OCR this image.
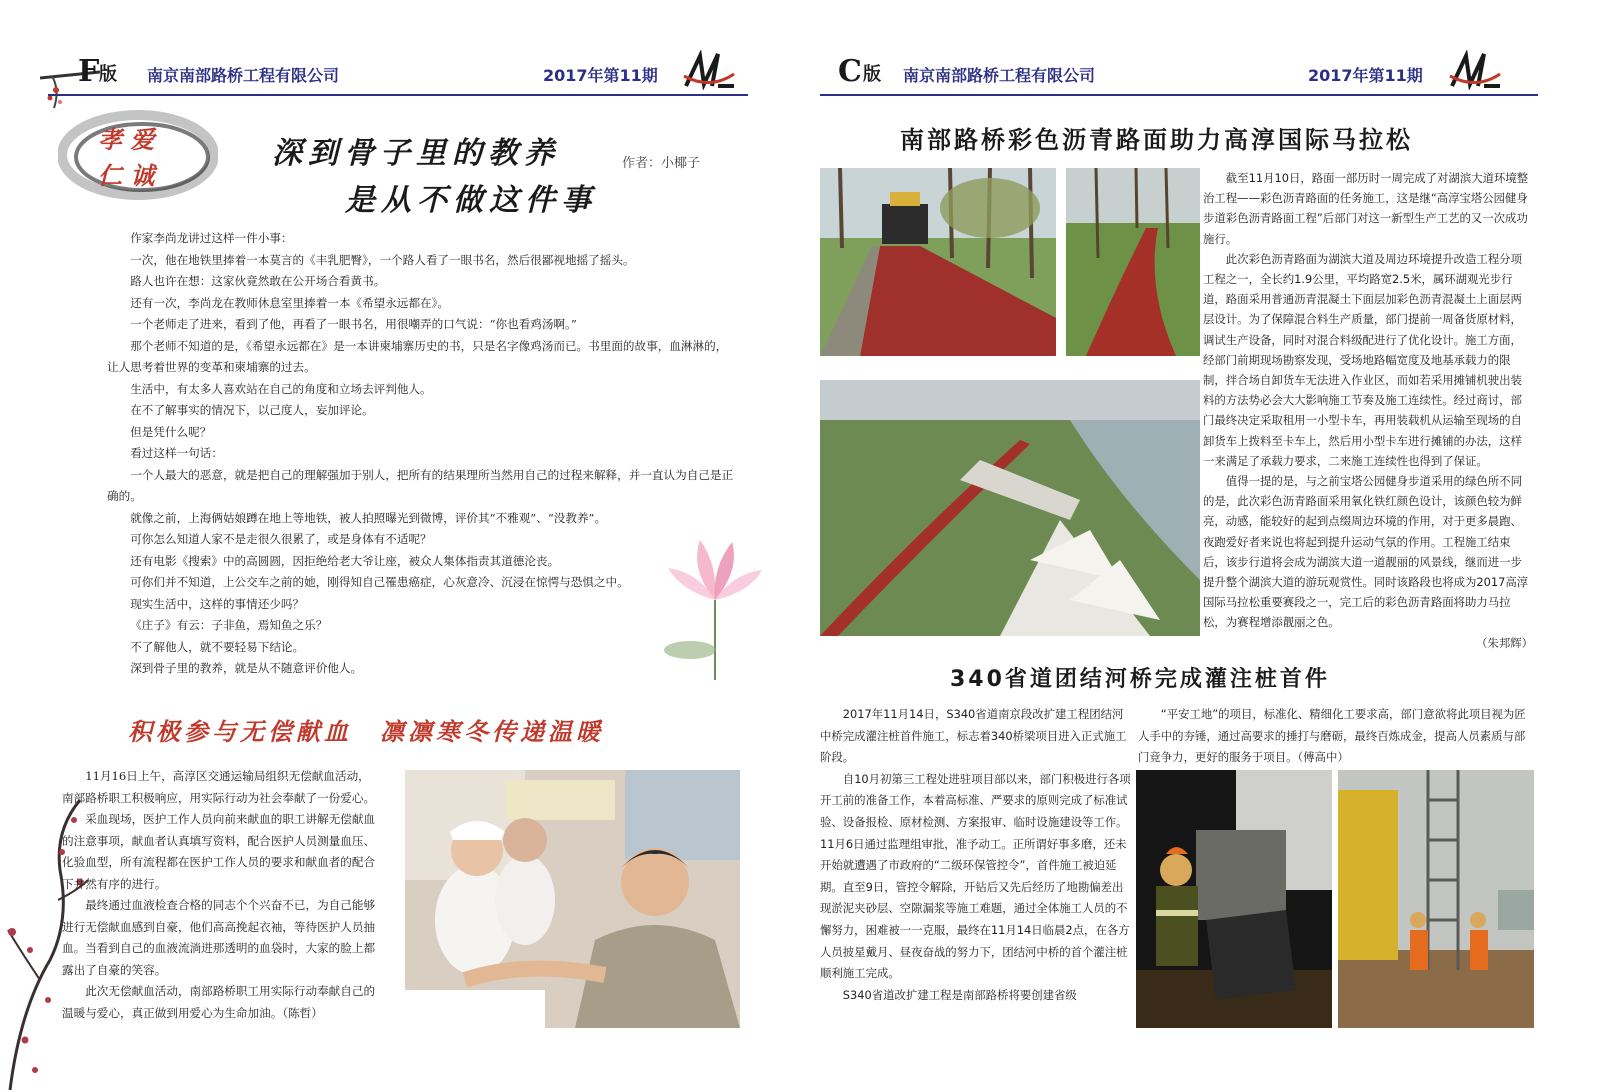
F 版 南京南部路桥工程有限公司	2017年第11期
孝 爱
仁 诚
深到骨子里的教养
是从不做这件事
作者：小椰子

作家李尚龙讲过这样一件小事：

一次，他在地铁里捧着一本莫言的《丰乳肥臀》，一个路人看了一眼书名，然后很鄙视地摇了摇头。

路人也许在想：这家伙竟然敢在公开场合看黄书。

还有一次，李尚龙在教师休息室里捧着一本《希望永远都在》。

一个老师走了进来，看到了他，再看了一眼书名，用很嘲弄的口气说：“你也看鸡汤啊。”

那个老师不知道的是，《希望永远都在》是一本讲柬埔寨历史的书，只是名字像鸡汤而已。书里面的故事，血淋淋的，让人思考着世界的变革和柬埔寨的过去。

生活中，有太多人喜欢站在自己的角度和立场去评判他人。

在不了解事实的情况下，以己度人，妄加评论。

但是凭什么呢？

看过这样一句话：

一个人最大的恶意，就是把自己的理解强加于别人，把所有的结果理所当然用自己的过程来解释，并一直认为自己是正确的。

就像之前，上海俩姑娘蹲在地上等地铁，被人拍照曝光到微博，评价其“不雅观”、“没教养”。

可你怎么知道人家不是走很久很累了，或是身体有不适呢？

还有电影《搜索》中的高圆圆，因拒绝给老大爷让座，被众人集体指责其道德沦丧。

可你们并不知道，上公交车之前的她，刚得知自己罹患癌症，心灰意冷、沉浸在惊愕与恐惧之中。

现实生活中，这样的事情还少吗？

《庄子》有云：子非鱼，焉知鱼之乐？

不了解他人，就不要轻易下结论。

深到骨子里的教养，就是从不随意评价他人。

积极参与无偿献血　凛凛寒冬传递温暖

11月16日上午，高淳区交通运输局组织无偿献血活动，南部路桥职工积极响应，用实际行动为社会奉献了一份爱心。

采血现场，医护工作人员向前来献血的职工讲解无偿献血的注意事项，献血者认真填写资料，配合医护人员测量血压、化验血型，所有流程都在医护工作人员的要求和献血者的配合下井然有序的进行。

最终通过血液检查合格的同志个个兴奋不已，为自己能够进行无偿献血感到自豪，他们高高挽起衣袖，等待医护人员抽血。当看到自己的血液流淌进那透明的血袋时，大家的脸上都露出了自豪的笑容。

此次无偿献血活动，南部路桥职工用实际行动奉献自己的温暖与爱心，真正做到用爱心为生命加油。（陈哲）

C 版 南京南部路桥工程有限公司	2017年第11期
南部路桥彩色沥青路面助力高淳国际马拉松

截至11月10日，路面一部历时一周完成了对湖滨大道环境整治工程——彩色沥青路面的任务施工，这是继“高淳宝塔公园健身步道彩色沥青路面工程”后部门对这一新型生产工艺的又一次成功施行。

此次彩色沥青路面为湖滨大道及周边环境提升改造工程分项工程之一，全长约1.9公里，平均路宽2.5米，属环湖观光步行道，路面采用普通沥青混凝土下面层加彩色沥青混凝土上面层两层设计。为了保障混合料生产质量，部门提前一周备货原材料，调试生产设备，同时对混合料级配进行了优化设计。施工方面，经部门前期现场勘察发现，受场地路幅宽度及地基承载力的限制，拌合场自卸货车无法进入作业区，而如若采用摊铺机驶出装料的方法势必会大大影响施工节奏及施工连续性。经过商讨，部门最终决定采取租用一小型卡车，再用装载机从运输至现场的自卸货车上拨料至卡车上，然后用小型卡车进行摊铺的办法，这样一来满足了承载力要求，二来施工连续性也得到了保证。

值得一提的是，与之前宝塔公园健身步道采用的绿色所不同的是，此次彩色沥青路面采用氧化铁红颜色设计，该颜色较为鲜亮，动感，能较好的起到点缀周边环境的作用，对于更多晨跑、夜跑爱好者来说也将起到提升运动气氛的作用。工程施工结束后，该步行道将会成为湖滨大道一道靓丽的风景线，继而进一步提升整个湖滨大道的游玩观赏性。同时该路段也将成为2017高淳国际马拉松重要赛段之一，完工后的彩色沥青路面将助力马拉松，为赛程增添靓丽之色。

（朱邦辉）

340省道团结河桥完成灌注桩首件

2017年11月14日，S340省道南京段改扩建工程团结河中桥完成灌注桩首件施工，标志着340桥梁项目进入正式施工阶段。

自10月初第三工程处进驻项目部以来，部门积极进行各项开工前的准备工作，本着高标准、严要求的原则完成了标准试验、设备报检、原材检测、方案报审、临时设施建设等工作。11月6日通过监理组审批，准予动工。正所谓好事多磨，还未开始就遭遇了市政府的“二级环保管控令”，首件施工被迫延期。直至9日，管控令解除，开钻后又先后经历了地勘偏差出现淤泥夹砂层、空隙漏浆等施工难题，通过全体施工人员的不懈努力，困难被一一克服，最终在11月14日临晨2点，在各方人员披星戴月、昼夜奋战的努力下，团结河中桥的首个灌注桩顺利施工完成。

S340省道改扩建工程是南部路桥将要创建省级

“平安工地”的项目，标准化、精细化工要求高，部门意欲将此项目视为匠人手中的夯锤，通过高要求的捶打与磨砺，最终百炼成金，提高人员素质与部门竞争力，更好的服务于项目。（傅高中）
